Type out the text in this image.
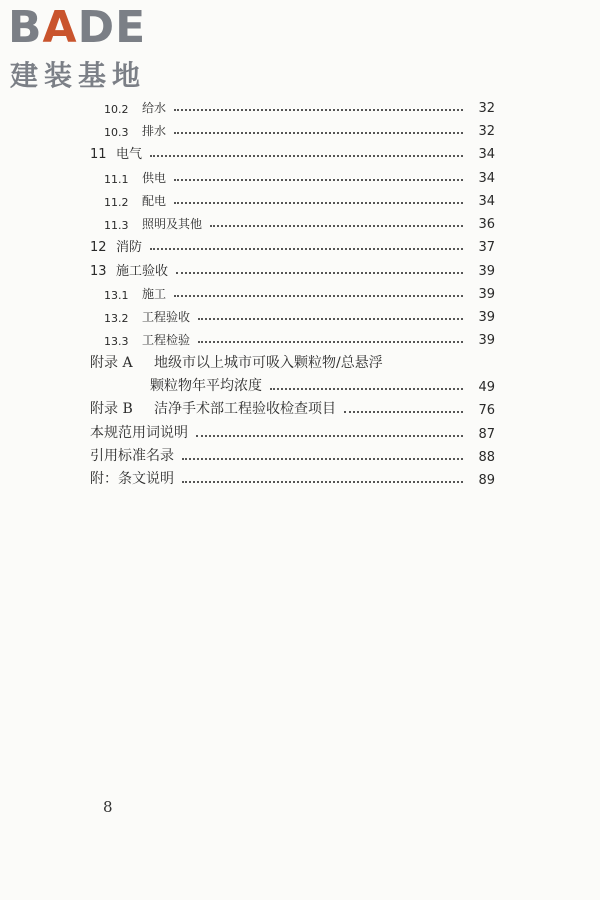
BADE
建装基地
10.2	给水	32
10.3	排水	32
11 电气	34
11.1	供电	34
11.2	配电	34
11.3	照明及其他	36
12 消防	37
13 施工验收	39
13.1	施工	39
13.2	工程验收	39
13.3	工程检验	39
附录 A	地级市以上城市可吸入颗粒物/总悬浮
颗粒物年平均浓度	49
附录 B	洁净手术部工程验收检查项目	76
本规范用词说明	87
引用标准名录	88
附：条文说明	89
8
